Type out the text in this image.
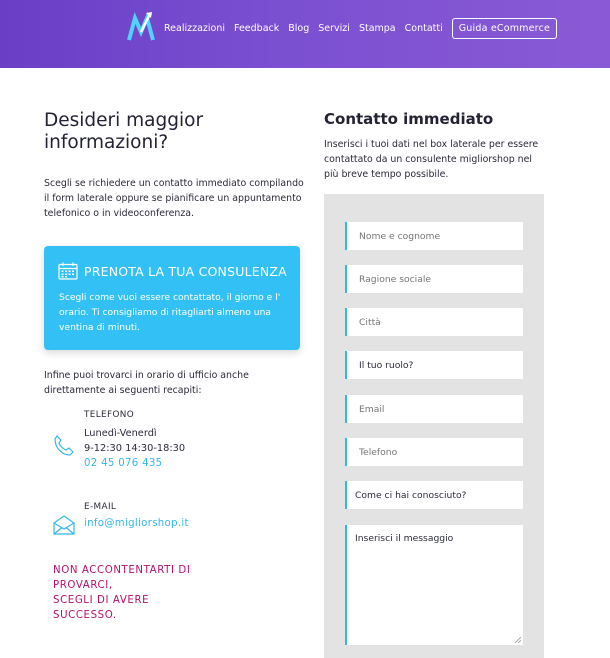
Realizzazioni Feedback Blog Servizi Stampa Contatti	Guida eCommerce
Desideri maggior informazioni?

Scegli se richiedere un contatto immediato compilando il form laterale oppure se pianificare un appuntamento telefonico o in videoconferenza.

PRENOTA LA TUA CONSULENZA

Scegli come vuoi essere contattato, il giorno e l' orario. Ti consigliamo di ritagliarti almeno una ventina di minuti.

Infine puoi trovarci in orario di ufficio anche direttamente ai seguenti recapiti:

TELEFONO
Lunedì-Venerdì
9-12:30 14:30-18:30
02 45 076 435
E-MAIL
info@migliorshop.it
NON ACCONTENTARTI DI
PROVARCI,
SCEGLI DI AVERE
SUCCESSO.
Contatto immediato

Inserisci i tuoi dati nel box laterale per essere contattato da un consulente migliorshop nel più breve tempo possibile.

Nome e cognome
Ragione sociale
Città
Il tuo ruolo?
Email
Telefono
Come ci hai conosciuto?
Inserisci il messaggio
